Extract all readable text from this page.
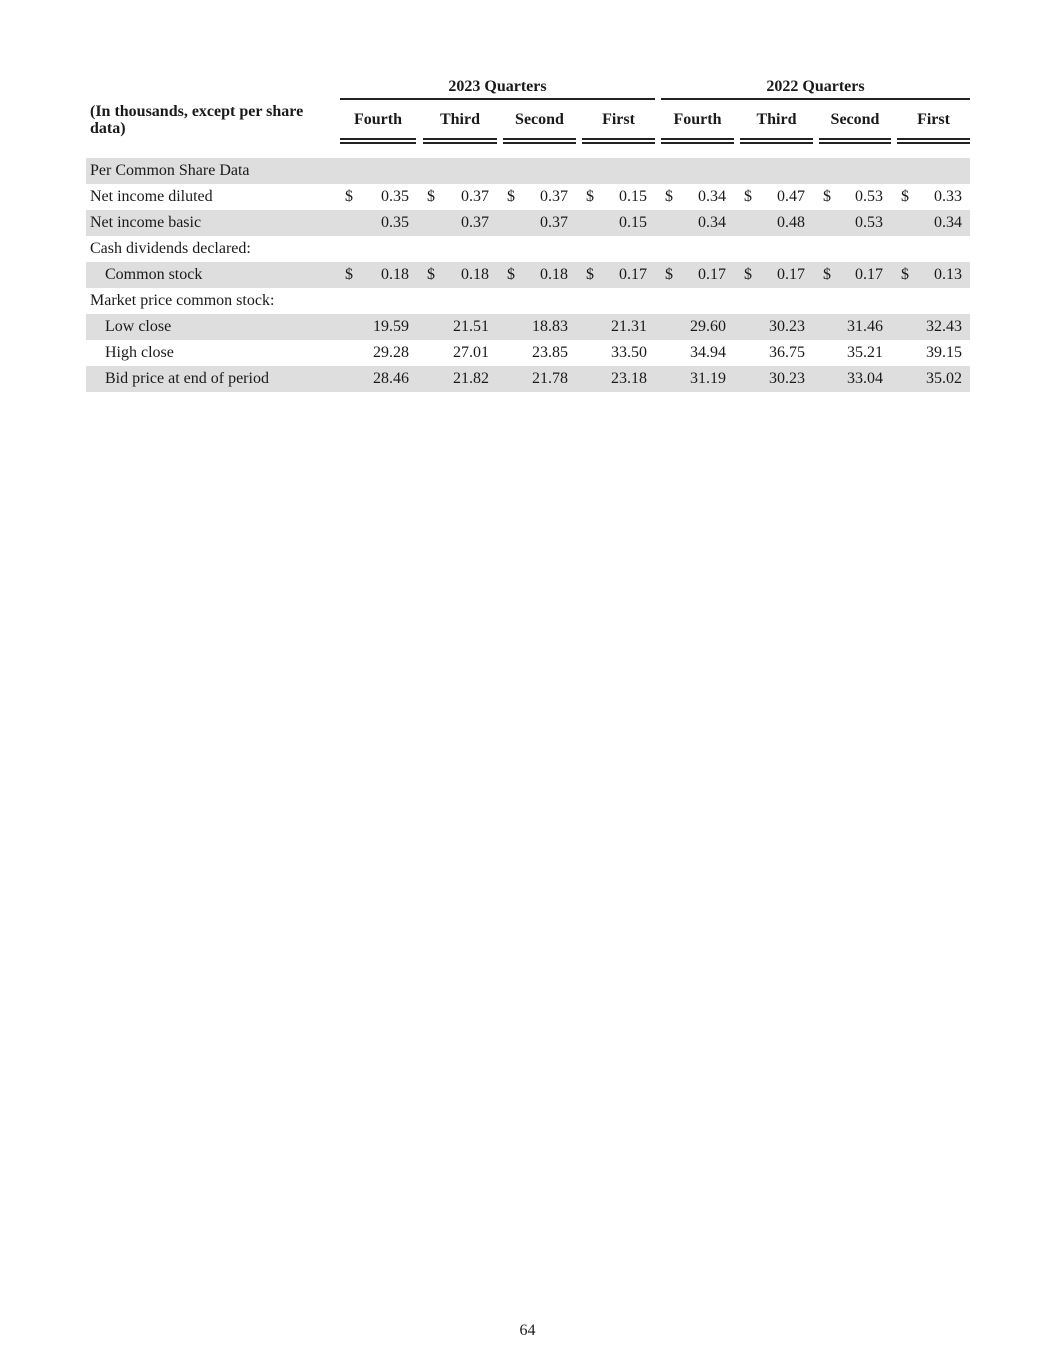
2023 Quarters	2022 Quarters
(In thousands, except per share data)
Fourth	Third	Second	First	Fourth	Third	Second	First
Per Common Share Data
Net income diluted	$	0.35 $	0.37 $	0.37 $	0.15 $	0.34 $	0.47 $	0.53 $	0.33
Net income basic	0.35	0.37	0.37	0.15	0.34	0.48	0.53	0.34
Cash dividends declared:
Common stock	$	0.18 $	0.18 $	0.18 $	0.17 $	0.17 $	0.17 $	0.17 $	0.13
Market price common stock:
Low close	19.59	21.51	18.83	21.31	29.60	30.23	31.46	32.43
High close	29.28	27.01	23.85	33.50	34.94	36.75	35.21	39.15
Bid price at end of period	28.46	21.82	21.78	23.18	31.19	30.23	33.04	35.02
64
